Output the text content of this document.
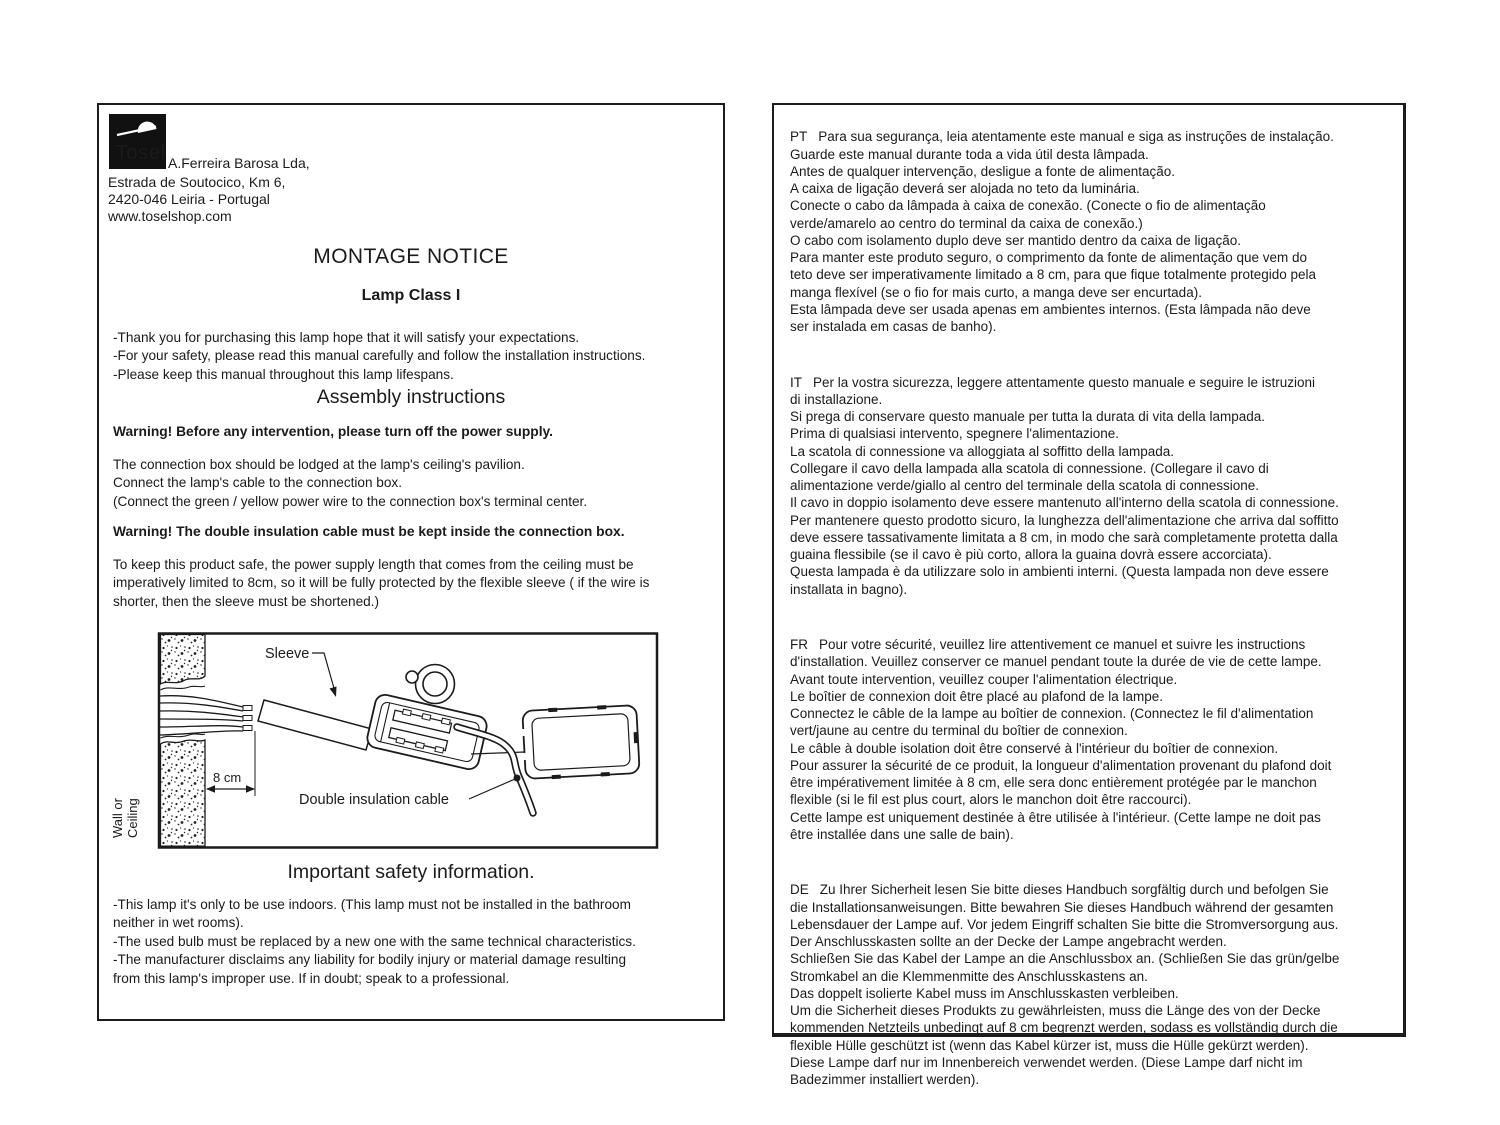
Tosel A.Ferreira Barosa Lda,
Estrada de Soutocico, Km 6,
2420-046 Leiria - Portugal
www.toselshop.com
MONTAGE NOTICE
Lamp Class I
-Thank you for purchasing this lamp hope that it will satisfy your expectations.
-For your safety, please read this manual carefully and follow the installation instructions.
-Please keep this manual throughout this lamp lifespans.
Assembly instructions
Warning! Before any intervention, please turn off the power supply.
The connection box should be lodged at the lamp's ceiling's pavilion.
Connect the lamp's cable to the connection box.
(Connect the green / yellow power wire to the connection box's terminal center.
Warning! The double insulation cable must be kept inside the connection box.
To keep this product safe, the power supply length that comes from the ceiling must be
imperatively limited to 8cm, so it will be fully protected by the flexible sleeve ( if the wire is
shorter, then the sleeve must be shortened.)
8 cm
Sleeve
Double insulation cable
Wall or Ceiling
Important safety information.
-This lamp it's only to be use indoors. (This lamp must not be installed in the bathroom
neither in wet rooms).
-The used bulb must be replaced by a new one with the same technical characteristics.
-The manufacturer disclaims any liability for bodily injury or material damage resulting
from this lamp's improper use. If in doubt; speak to a professional.

PT Para sua segurança, leia atentamente este manual e siga as instruções de instalação.
Guarde este manual durante toda a vida útil desta lâmpada.
Antes de qualquer intervenção, desligue a fonte de alimentação.
A caixa de ligação deverá ser alojada no teto da luminária.
Conecte o cabo da lâmpada à caixa de conexão. (Conecte o fio de alimentação
verde/amarelo ao centro do terminal da caixa de conexão.)
O cabo com isolamento duplo deve ser mantido dentro da caixa de ligação.
Para manter este produto seguro, o comprimento da fonte de alimentação que vem do
teto deve ser imperativamente limitado a 8 cm, para que fique totalmente protegido pela
manga flexível (se o fio for mais curto, a manga deve ser encurtada).
Esta lâmpada deve ser usada apenas em ambientes internos. (Esta lâmpada não deve
ser instalada em casas de banho).

IT Per la vostra sicurezza, leggere attentamente questo manuale e seguire le istruzioni
di installazione.
Si prega di conservare questo manuale per tutta la durata di vita della lampada.
Prima di qualsiasi intervento, spegnere l'alimentazione.
La scatola di connessione va alloggiata al soffitto della lampada.
Collegare il cavo della lampada alla scatola di connessione. (Collegare il cavo di
alimentazione verde/giallo al centro del terminale della scatola di connessione.
Il cavo in doppio isolamento deve essere mantenuto all'interno della scatola di connessione.
Per mantenere questo prodotto sicuro, la lunghezza dell'alimentazione che arriva dal soffitto
deve essere tassativamente limitata a 8 cm, in modo che sarà completamente protetta dalla
guaina flessibile (se il cavo è più corto, allora la guaina dovrà essere accorciata).
Questa lampada è da utilizzare solo in ambienti interni. (Questa lampada non deve essere
installata in bagno).

FR Pour votre sécurité, veuillez lire attentivement ce manuel et suivre les instructions
d'installation. Veuillez conserver ce manuel pendant toute la durée de vie de cette lampe.
Avant toute intervention, veuillez couper l'alimentation électrique.
Le boîtier de connexion doit être placé au plafond de la lampe.
Connectez le câble de la lampe au boîtier de connexion. (Connectez le fil d'alimentation
vert/jaune au centre du terminal du boîtier de connexion.
Le câble à double isolation doit être conservé à l'intérieur du boîtier de connexion.
Pour assurer la sécurité de ce produit, la longueur d'alimentation provenant du plafond doit
être impérativement limitée à 8 cm, elle sera donc entièrement protégée par le manchon
flexible (si le fil est plus court, alors le manchon doit être raccourci).
Cette lampe est uniquement destinée à être utilisée à l'intérieur. (Cette lampe ne doit pas
être installée dans une salle de bain).

DE Zu Ihrer Sicherheit lesen Sie bitte dieses Handbuch sorgfältig durch und befolgen Sie
die Installationsanweisungen. Bitte bewahren Sie dieses Handbuch während der gesamten
Lebensdauer der Lampe auf. Vor jedem Eingriff schalten Sie bitte die Stromversorgung aus.
Der Anschlusskasten sollte an der Decke der Lampe angebracht werden.
Schließen Sie das Kabel der Lampe an die Anschlussbox an. (Schließen Sie das grün/gelbe
Stromkabel an die Klemmenmitte des Anschlusskastens an.
Das doppelt isolierte Kabel muss im Anschlusskasten verbleiben.
Um die Sicherheit dieses Produkts zu gewährleisten, muss die Länge des von der Decke
kommenden Netzteils unbedingt auf 8 cm begrenzt werden, sodass es vollständig durch die
flexible Hülle geschützt ist (wenn das Kabel kürzer ist, muss die Hülle gekürzt werden).
Diese Lampe darf nur im Innenbereich verwendet werden. (Diese Lampe darf nicht im
Badezimmer installiert werden).
